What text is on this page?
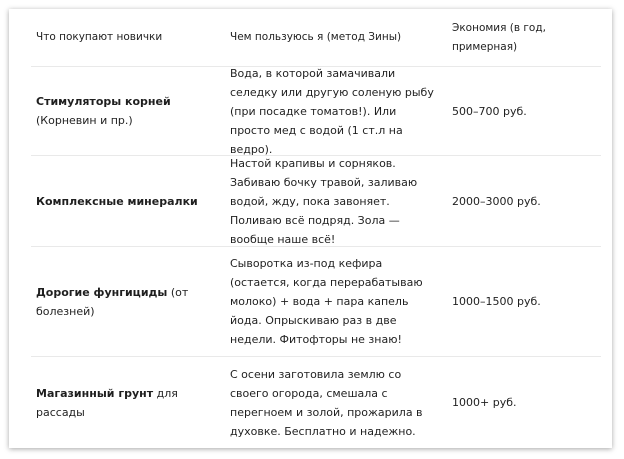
Что покупают новички	Чем пользуюсь я (метод Зины)
Экономия (в год, примерная)
Стимуляторы корней (Корневин и пр.)
Вода, в которой замачивали селедку или другую соленую рыбу (при посадке томатов!). Или просто мед с водой (1 ст.л на ведро).
500–700 руб.
Комплексные минералки
Настой крапивы и сорняков. Забиваю бочку травой, заливаю водой, жду, пока завоняет. Поливаю всё подряд. Зола — вообще наше всё!
2000–3000 руб.
Дорогие фунгициды (от болезней)
Сыворотка из-под кефира (остается, когда перерабатываю молоко) + вода + пара капель йода. Опрыскиваю раз в две недели. Фитофторы не знаю!
1000–1500 руб.
Магазинный грунт для рассады
С осени заготовила землю со своего огорода, смешала с перегноем и золой, прожарила в духовке. Бесплатно и надежно.
1000+ руб.
